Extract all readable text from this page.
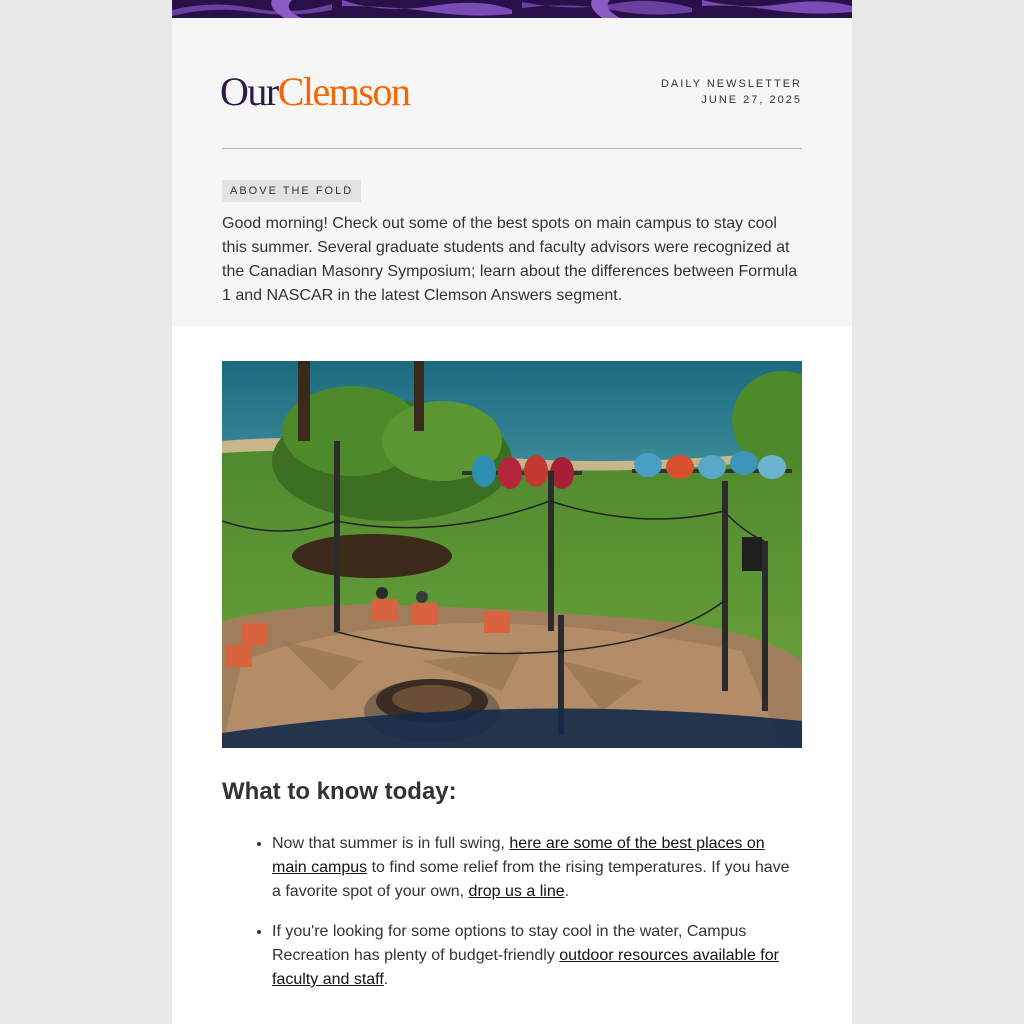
OurClemson	DAILY NEWSLETTER
JUNE 27, 2025
ABOVE THE FOLD

Good morning! Check out some of the best spots on main campus to stay cool this summer. Several graduate students and faculty advisors were recognized at the Canadian Masonry Symposium; learn about the differences between Formula 1 and NASCAR in the latest Clemson Answers segment.

What to know today:
• Now that summer is in full swing, here are some of the best places on main campus to find some relief from the rising temperatures. If you have a favorite spot of your own, drop us a line.
• If you're looking for some options to stay cool in the water, Campus Recreation has plenty of budget-friendly outdoor resources available for faculty and staff.
